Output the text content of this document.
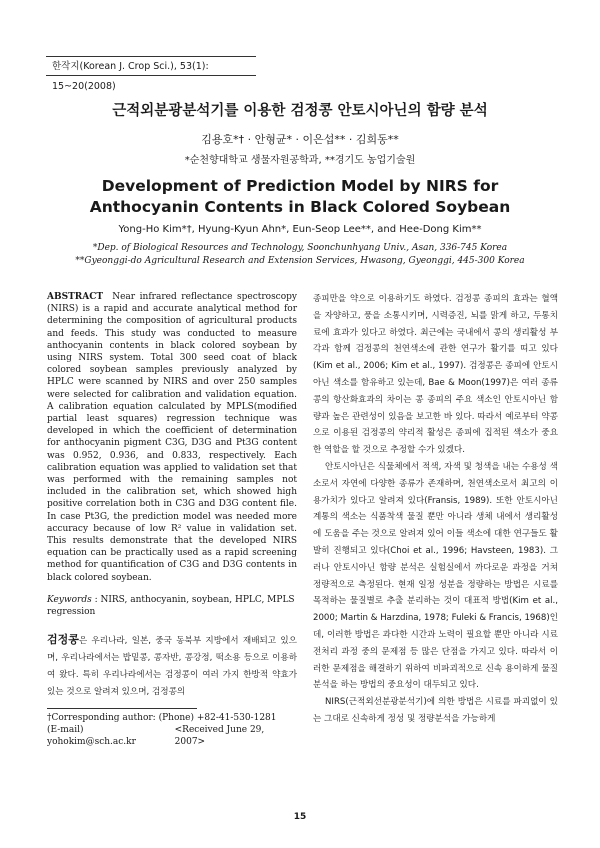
한작지(Korean J. Crop Sci.), 53(1): 15~20(2008)
근적외분광분석기를 이용한 검정콩 안토시아닌의 함량 분석
김용호*† · 안형균* · 이은섭** · 김희동**
*순천향대학교 생물자원공학과, **경기도 농업기술원
Development of Prediction Model by NIRS for Anthocyanin Contents in Black Colored Soybean
Yong-Ho Kim*†, Hyung-Kyun Ahn*, Eun-Seop Lee**, and Hee-Dong Kim**
*Dep. of Biological Resources and Technology, Soonchunhyang Univ., Asan, 336-745 Korea
**Gyeonggi-do Agricultural Research and Extension Services, Hwasong, Gyeonggi, 445-300 Korea

ABSTRACT Near infrared reflectance spectroscopy (NIRS) is a rapid and accurate analytical method for determining the composition of agricultural products and feeds. This study was conducted to measure anthocyanin contents in black colored soybean by using NIRS system. Total 300 seed coat of black colored soybean samples previously analyzed by HPLC were scanned by NIRS and over 250 samples were selected for calibration and validation equation. A calibration equation calculated by MPLS(modified partial least squares) regression technique was developed in which the coefficient of determination for anthocyanin pigment C3G, D3G and Pt3G content was 0.952, 0.936, and 0.833, respectively. Each calibration equation was applied to validation set that was performed with the remaining samples not included in the calibration set, which showed high positive correlation both in C3G and D3G content file. In case Pt3G, the prediction model was needed more accuracy because of low R² value in validation set. This results demonstrate that the developed NIRS equation can be practically used as a rapid screening method for quantification of C3G and D3G contents in black colored soybean.

Keywords : NIRS, anthocyanin, soybean, HPLC, MPLS regression

검정콩은 우리나라, 일본, 중국 동북부 지방에서 재배되고 있으며, 우리나라에서는 밥밑콩, 콩자반, 콩강정, 떡소용 등으로 이용하여 왔다. 특히 우리나라에서는 검정콩이 여러 가지 한방적 약효가 있는 것으로 알려져 있으며, 검정콩의

†Corresponding author: (Phone) +82-41-530-1281
(E-mail) yohokim@sch.ac.kr
<Received June 29, 2007>

종피만을 약으로 이용하기도 하였다. 검정콩 종피의 효과는 혈액을 자양하고, 풍을 소통시키며, 시력증진, 뇌를 맑게 하고, 두통치료에 효과가 있다고 하였다. 최근에는 국내에서 콩의 생리활성 부각과 함께 검정콩의 천연색소에 관한 연구가 활기를 띠고 있다(Kim et al., 2006; Kim et al., 1997). 검정콩은 종피에 안토시아닌 색소를 함유하고 있는데, Bae & Moon(1997)은 여러 종류 콩의 항산화효과의 차이는 콩 종피의 주요 색소인 안토시아닌 함량과 높은 관련성이 있음을 보고한 바 있다. 따라서 예로부터 약콩으로 이용된 검정콩의 약리적 활성은 종피에 집적된 색소가 중요한 역할을 할 것으로 추정할 수가 있겠다.

안토시아닌은 식물체에서 적색, 자색 및 청색을 내는 수용성 색소로서 자연에 다양한 종류가 존재하며, 천연색소로서 최고의 이용가치가 있다고 알려져 있다(Fransis, 1989). 또한 안토시아닌 계통의 색소는 식품착색 물질 뿐만 아니라 생체 내에서 생리활성에 도움을 주는 것으로 알려져 있어 이들 색소에 대한 연구들도 활발히 진행되고 있다(Choi et al., 1996; Havsteen, 1983). 그러나 안토시아닌 함량 분석은 실험실에서 까다로운 과정을 거쳐 정량적으로 측정된다. 현재 일정 성분을 정량하는 방법은 시료를 목적하는 물질별로 추출 분리하는 것이 대표적 방법(Kim et al., 2000; Martin & Harzdina, 1978; Fuleki & Francis, 1968)인데, 이러한 방법은 과다한 시간과 노력이 필요할 뿐만 아니라 시료 전처리 과정 중의 문제점 등 많은 단점을 가지고 있다. 따라서 이러한 문제점을 해결하기 위하여 비파괴적으로 신속 용이하게 물질 분석을 하는 방법의 중요성이 대두되고 있다.

NIRS(근적외선분광분석기)에 의한 방법은 시료를 파괴없이 있는 그대로 신속하게 정성 및 정량분석을 가능하게

15
